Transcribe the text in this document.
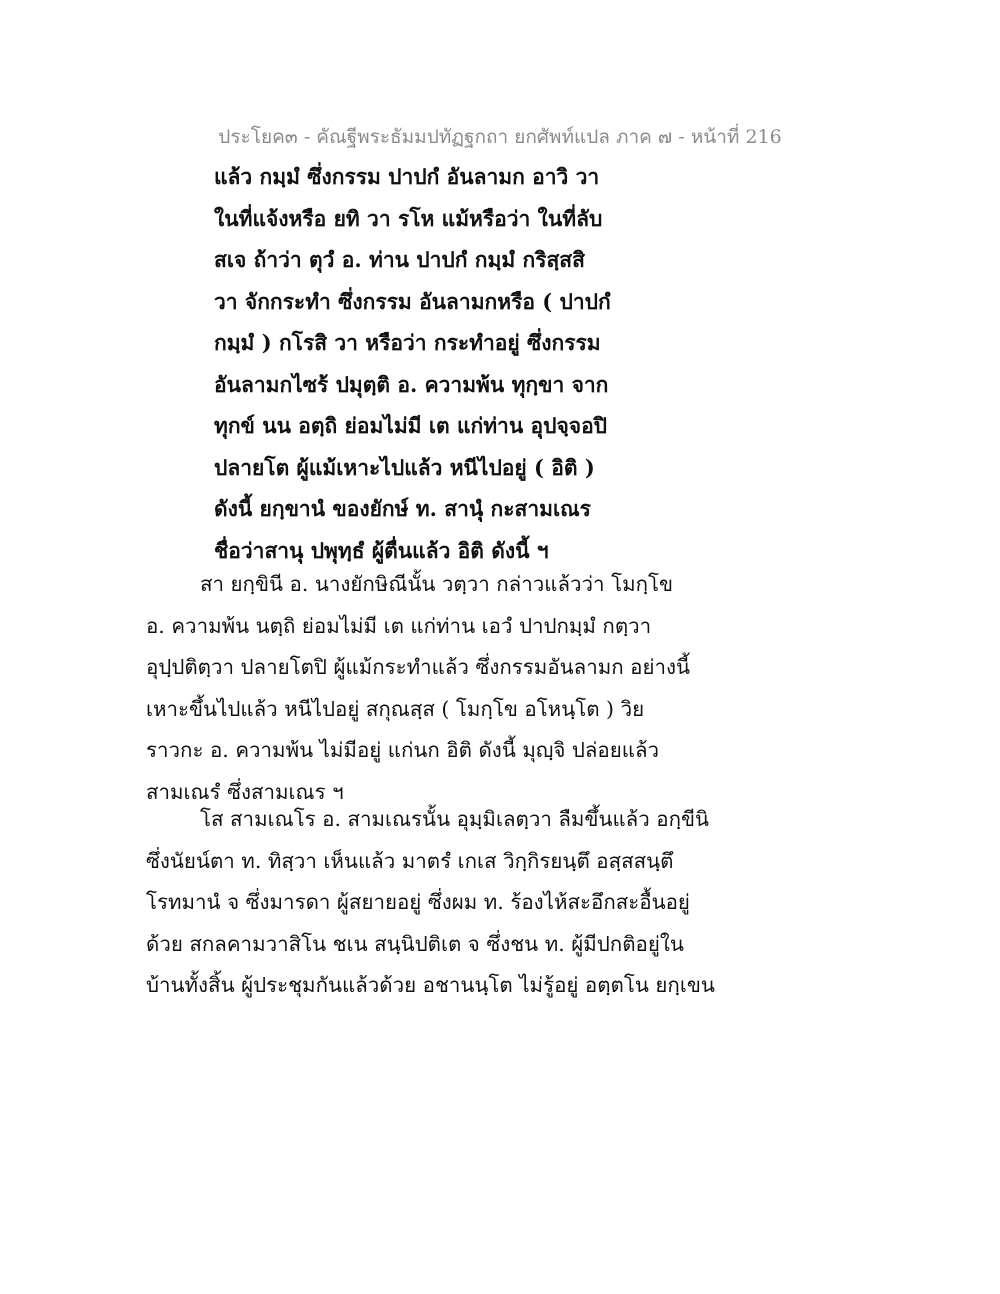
ประโยค๓ - คัณฐีพระธัมมปทัฏฐกถา ยกศัพท์แปล ภาค ๗ - หน้าที่ 216
แล้ว กมฺมํ ซึ่งกรรม ปาปกํ อันลามก อาวิ วา
ในที่แจ้งหรือ ยทิ วา รโห แม้หรือว่า ในที่ลับ
สเจ ถ้าว่า ตุวํ อ. ท่าน ปาปกํ กมฺมํ กริสฺสสิ
วา จักกระทำ ซึ่งกรรม อันลามกหรือ ( ปาปกํ
กมฺมํ ) กโรสิ วา หรือว่า กระทำอยู่ ซึ่งกรรม
อันลามกไซร้ ปมุตฺติ อ. ความพ้น ทุกฺขา จาก
ทุกข์ นน อตฺถิ ย่อมไม่มี เต แก่ท่าน อุปจฺจอปิ
ปลายโต ผู้แม้เหาะไปแล้ว หนีไปอยู่ ( อิติ )
ดังนี้ ยกฺขานํ ของยักษ์ ท. สานุํ กะสามเณร
ชื่อว่าสานุ ปพุทฺธํ ผู้ตื่นแล้ว อิติ ดังนี้ ฯ
สา ยกฺขินี อ. นางยักษิณีนั้น วตฺวา กล่าวแล้วว่า โมกฺโข
อ. ความพ้น นตฺถิ ย่อมไม่มี เต แก่ท่าน เอวํ ปาปกมฺมํ กตฺวา
อุปฺปติตฺวา ปลายโตปิ ผู้แม้กระทำแล้ว ซึ่งกรรมอันลามก อย่างนี้
เหาะขึ้นไปแล้ว หนีไปอยู่ สกุณสฺส ( โมกฺโข อโหนฺโต ) วิย
ราวกะ อ. ความพ้น ไม่มีอยู่ แก่นก อิติ ดังนี้ มุญฺจิ ปล่อยแล้ว
สามเณรํ ซึ่งสามเณร ฯ
โส สามเณโร อ. สามเณรนั้น อุมฺมิเลตฺวา ลืมขึ้นแล้ว อกฺขีนิ
ซึ่งนัยน์ตา ท. ทิสฺวา เห็นแล้ว มาตรํ เกเส วิกฺกิรยนฺตึ อสฺสสนฺตึ
โรทมานํ จ ซึ่งมารดา ผู้สยายอยู่ ซึ่งผม ท. ร้องไห้สะอึกสะอื้นอยู่
ด้วย สกลคามวาสิโน ชเน สนฺนิปติเต จ ซึ่งชน ท. ผู้มีปกติอยู่ใน
บ้านทั้งสิ้น ผู้ประชุมกันแล้วด้วย อชานนฺโต ไม่รู้อยู่ อตฺตโน ยกฺเขน
